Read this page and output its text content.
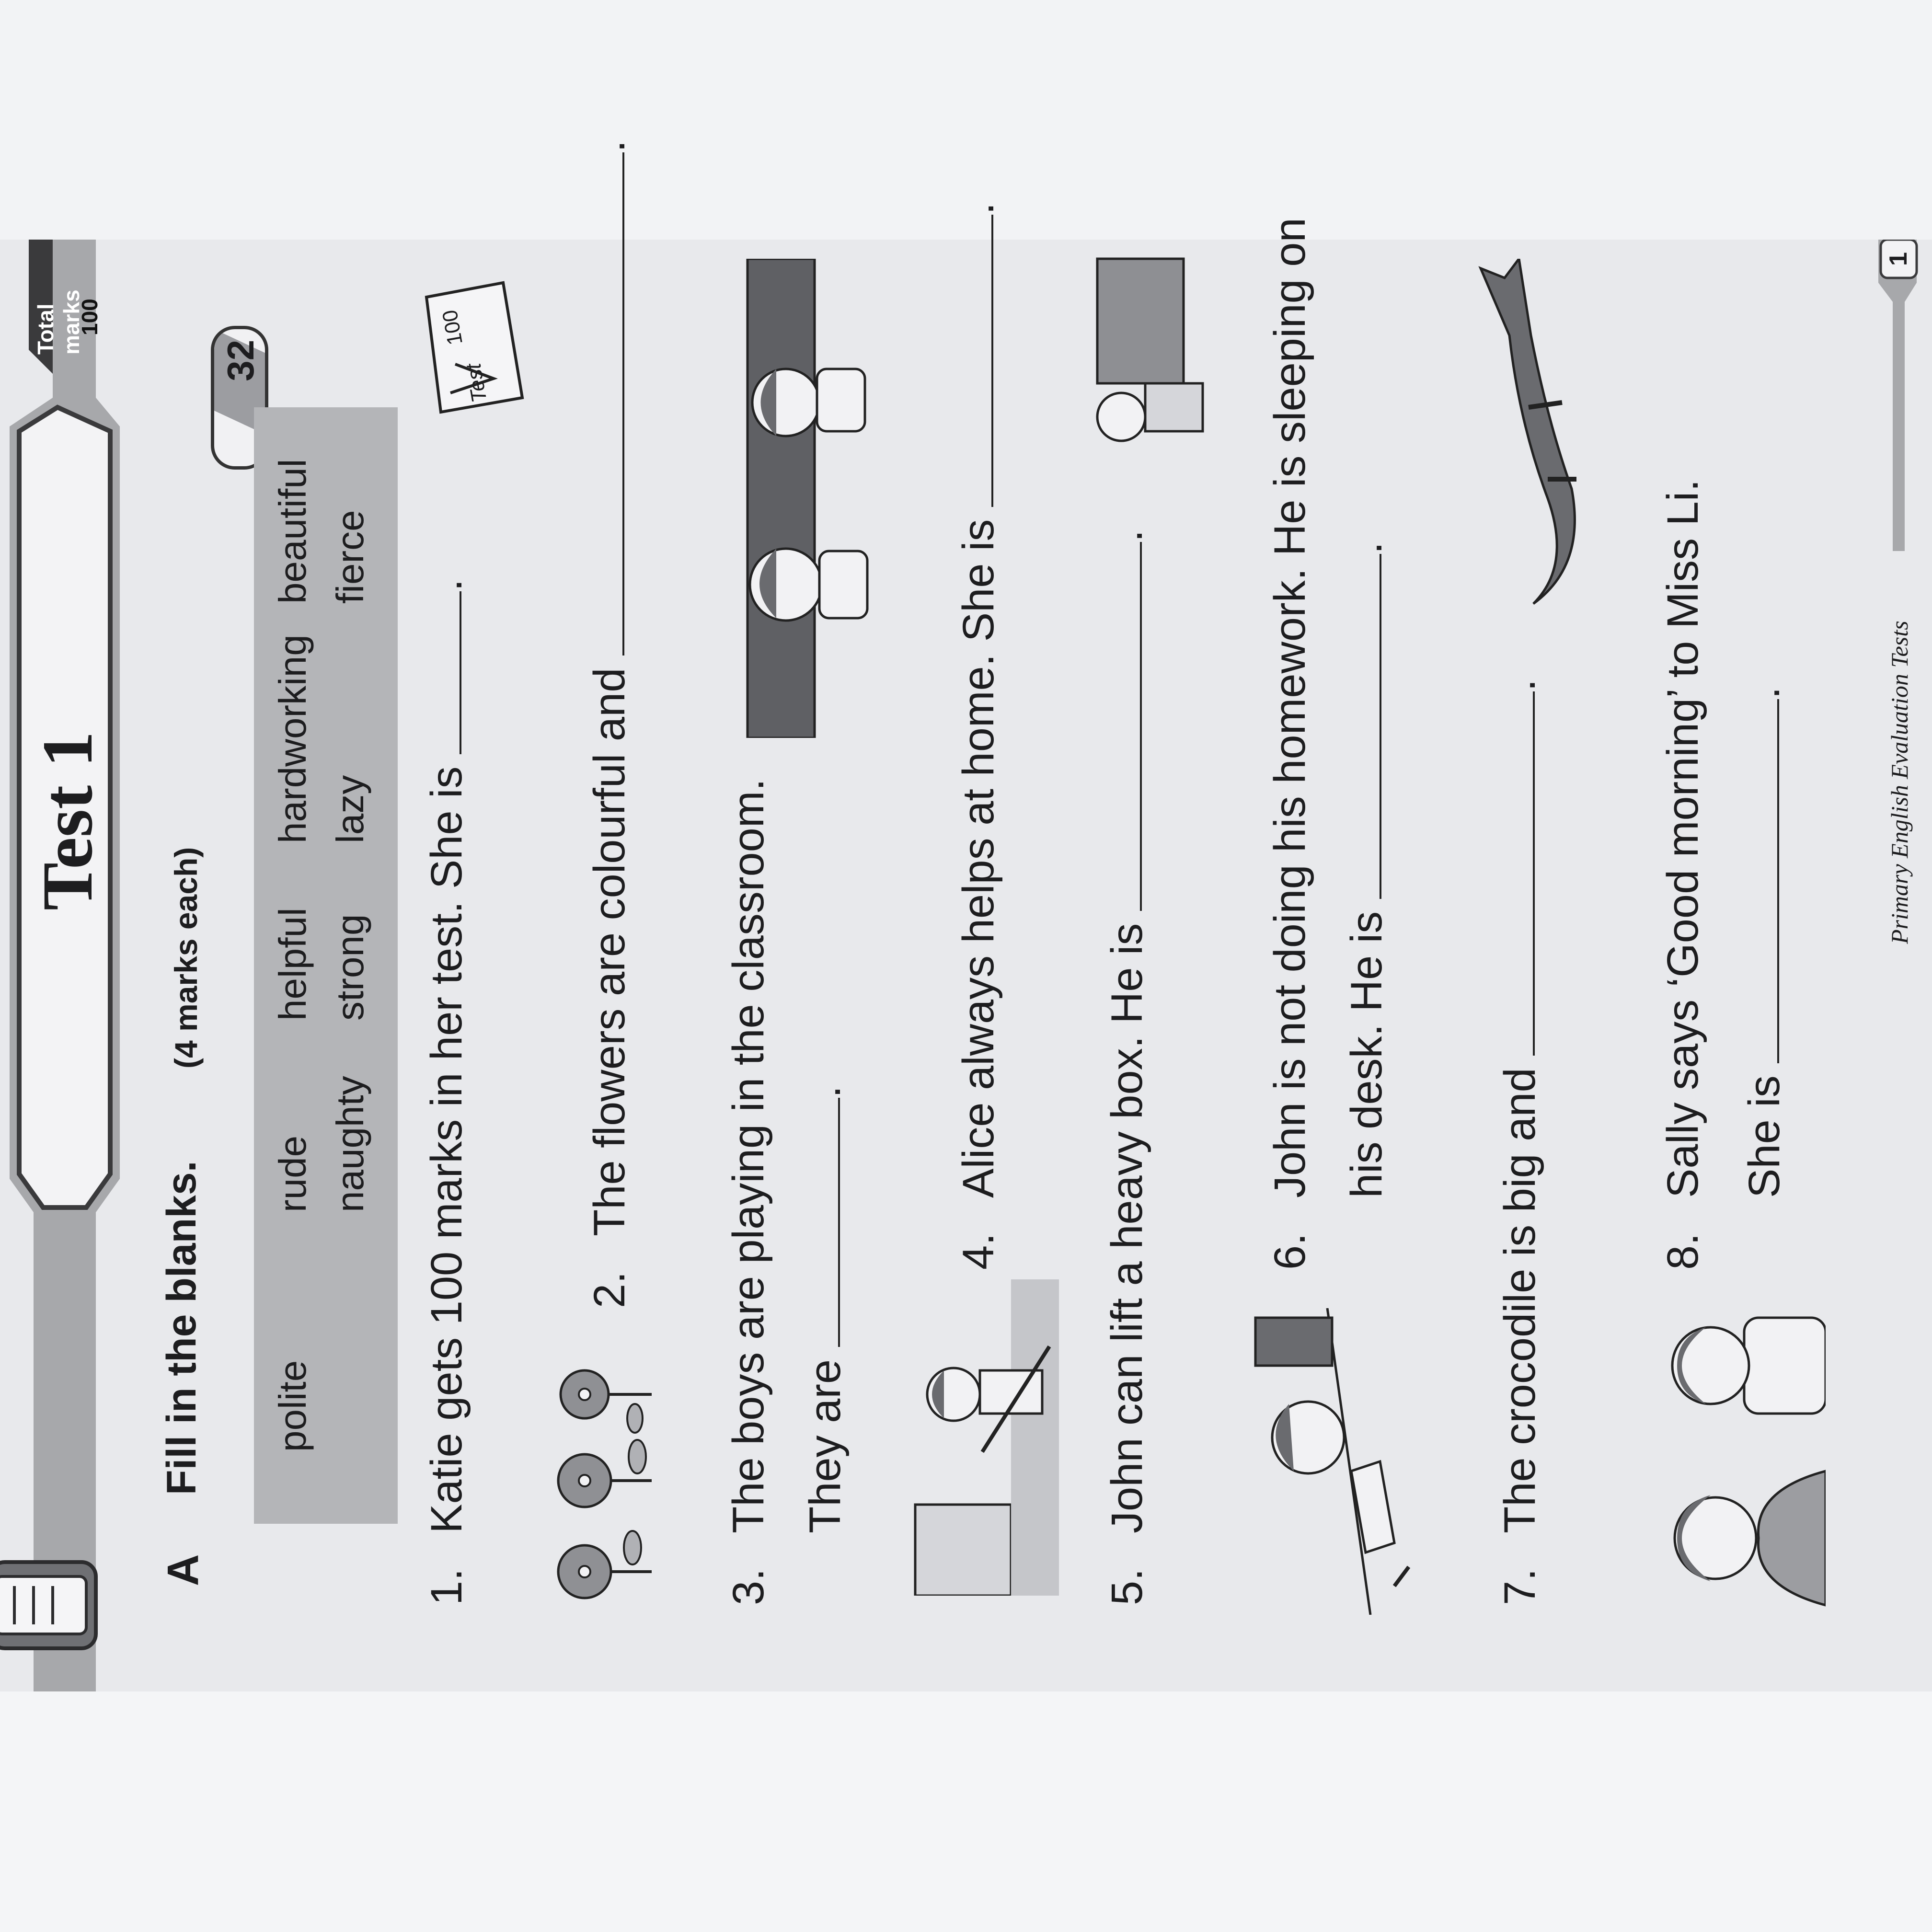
Test 1
Total marks
100
32
A
Fill in the blanks.
(4 marks each)
polite
rude
helpful
hardworking
beautiful
naughty
strong
lazy
fierce
1.Katie gets 100 marks in her test. She is .
Test
100
2.The flowers are colourful and .
3.The boys are playing in the classroom. They are .
4.Alice always helps at home. She is .
5.John can lift a heavy box. He is .
6.John is not doing his homework. He is sleeping on his desk. He is .
7.The crocodile is big and .
8.Sally says ‘Good morning’ to Miss Li. She is .
1
Primary English Evaluation Tests
